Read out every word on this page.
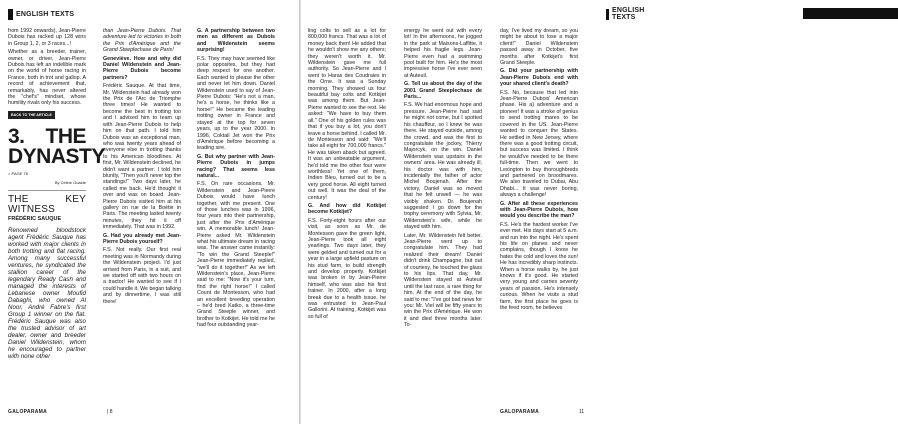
ENGLISH TEXTS

from 1992 onwards), Jean-Pierre Dubois has racked up 128 wins in Group 1, 2, or 3 races...!

Whether as a breeder, trainer, owner, or driver, Jean-Pierre Dubois has left an indelible mark on the world of horse racing in France, both in trot and gallop. A record of achievement that, remarkably, has never altered the "chef's" mindset, whose humility rivals only his success.

BACK TO THE ARTICLE
3. THE DYNASTY
> PAGE 76
By Céline Guaide
THE KEY WITNESS
FRÉDÉRIC SAUQUE

Renowned bloodstock agent Frédéric Sauque has worked with major clients in both trotting and flat racing. Among many successful ventures, he syndicated the stallion career of the legendary Ready Cash and managed the interests of Lebanese owner Moufid Dabaghi, who owned Al Noor, André Fabre's first Group 1 winner on the flat. Frédéric Sauque was also the trusted advisor of art dealer, owner and breeder Daniel Wildenstein, whom he encouraged to partner with none other

than Jean-Pierre Dubois. That adventure led to victories in both the Prix d'Amérique and the Grand Steeplechase de Paris!

Geneviève. How and why did Daniel Wildenstein and Jean-Pierre Dubois become partners?

Frédéric Sauque. At that time, Mr. Wildenstein had already won the Prix de l'Arc de Triomphe three times! He wanted to become the best in trotting too and I advised him to team up with Jean-Pierre Dubois to help him on that path. I told him Dubois was an exceptional man, who was twenty years ahead of everyone else in trotting thanks to his American bloodlines. At first, Mr. Wildenstein declined, he didn't want a partner. I told him bluntly, "Then you'll never top the standings!" Two days later, he called me back. He'd thought it over and was on board. Jean-Pierre Dubois visited him at his gallery on rue de la Boétie in Paris. The meeting lasted twenty minutes, they hit it off immediately. That was in 1992.

G. Had you already met Jean-Pierre Dubois yourself?

F.S. Not really. Our first real meeting was in Normandy during the Wildenstein project. I'd just arrived from Paris, in a suit, and we started off with two hours on a tractor! He wanted to see if I could handle it. We began talking and by dinnertime, I was still there!

G. A partnership between two men as different as Dubois and Wildenstein seems surprising!

F.S. They may have seemed like polar opposites, but they had deep respect for one another. Each wanted to please the other and never let him down. Daniel Wildenstein used to say of Jean-Pierre Dubois: "He's not a man, he's a horse, he thinks like a horse!" He became the leading trotting owner in France and stayed at the top for seven years, up to the year 2000. In 1996, Coktail Jet won the Prix d'Amérique before becoming a leading sire.

G. But why partner with Jean-Pierre Dubois in jumps racing? That seems less natural...

F.S. On rare occasions, Mr. Wildenstein and Jean-Pierre Dubois would have lunch together, with me present. One of those lunches was in 1996, four years into their partnership, just after the Prix d'Amérique win. A memorable lunch! Jean-Pierre asked Mr. Wildenstein what his ultimate dream in racing was. The answer came instantly: "To win the Grand Steeple!" Jean-Pierre immediately replied, "we'll do it together!" As we left Wildenstein's place, Jean-Pierre said to me: "Now it's your turn, find the right horse!" I called Count de Montesson, who had an excellent breeding operation – he'd bred Katko, a three-time Grand Steeple winner, and brother to Kotkijet. He told me he had four outstanding year-

GALOPARAMA	| 8
ENGLISH TEXTS

ling colts to sell as a lot for 800,000 francs. That was a lot of money back then! He added that he wouldn't show me any others; they weren't worth it. Mr. Wildenstein gave me full authority. So Jean-Pierre and I went to Haras des Coudraies in the Orne. It was a Sunday morning. They showed us four beautiful bay colts and Kotkijet was among them. But Jean-Pierre wanted to see the rest. He asked: "We have to buy them all." One of his golden rules was that if you buy a lot, you don't leave a horse behind. I called Mr. de Montesson and said: "We'll take all eight for 700,000 francs." He was taken aback but agreed. It was an unbeatable argument, he'd told me the other four were worthless! Yet one of them, Indien Bleu, turned out to be a very good horse. All eight turned out well. It was the deal of the century!

G. And how did Kotkijet become Kotkijet?

F.S. Forty-eight hours after our visit, as soon as Mr. de Montesson gave the green light, Jean-Pierre took all eight yearlings. Two days later, they were gelded and turned out for a year in a large upfield pasture on his stud farm, to build strength and develop properly. Kotkijet was broken in by Jean-Pierre himself, who was also his first trainer. In 2000, after a long break due to a health issue, he was entrusted to Jean-Paul Gallorini. At training, Kotkijet was so full of

energy he went out with every lot! In the afternoons, he jogged in the park at Maisons-Laffitte, it helped his fragile legs. Jean-Pierre even had a swimming pool built for him. He's the most impressive horse I've ever seen at Auteuil.

G. Tell us about the day of the 2001 Grand Steeplechase de Paris...

F.S. We had enormous hope and pressure. Jean-Pierre had said he might not come, but I spotted his chauffeur, so I knew he was there. He stayed outside, among the crowd, and was the first to congratulate the jockey, Thierry Majorcyk, on the win. Daniel Wildenstein was upstairs in the owners' area. He was already ill, his doctor was with him, incidentally the father of actor Michel Boujenah. After the victory, Daniel was so moved that he felt unwell — he was visibly shaken. Dr. Boujenah suggested I go down for the trophy ceremony with Sylvia, Mr. Wildenstein's wife, while he stayed with him.

Later, Mr. Wildenstein felt better. Jean-Pierre went up to congratulate him. They had realized their dream! Daniel didn't drink Champagne, but out of courtesy, he touched the glass to his lips. That day, Mr. Wildenstein stayed at Auteuil until the last race, a rare thing for him. At the end of the day, he said to me: "I've got bad news for you: Mr. Viel will be fifty years to win the Prix d'Amérique. He won it and died three months later. To-

day, I've lived my dream, so you might be about to lose a major client!" Daniel Wildenstein passed away in October, five months after Kotkijet's first Grand Steeple.

G. Did your partnership with Jean-Pierre Dubois end with your shared client's death?

F.S. No, because that led into Jean-Pierre Dubois' American phase. His a) adventure and a pioneer! It was a stroke of genius to send trotting mares to be covered in the US. Jean-Pierre wanted to conquer the States. He settled in New Jersey, where there was a good trotting circuit, but success was limited. I think he would've needed to be there full-time. Then we went to Lexington to buy thoroughbreds and partnered on broodmares. We also traveled to Dubai, Abu Dhabi... It was never boring, always a challenge!

G. After all these experiences with Jean-Pierre Dubois, how would you describe the man?

F.S. He's the hardest worker I've ever met. His days start at 5 a.m. and run into the night. He's spent his life on planes and never complains, though I know he hates the cold and loves the sun! He has incredibly sharp instincts. When a horse walks by, he just knows if it's good. He started very young and carries seventy years of passion. He's intensely curious. When he visits a stud farm, the first place he goes is the feed room, he believes

GALOPARAMA	11
